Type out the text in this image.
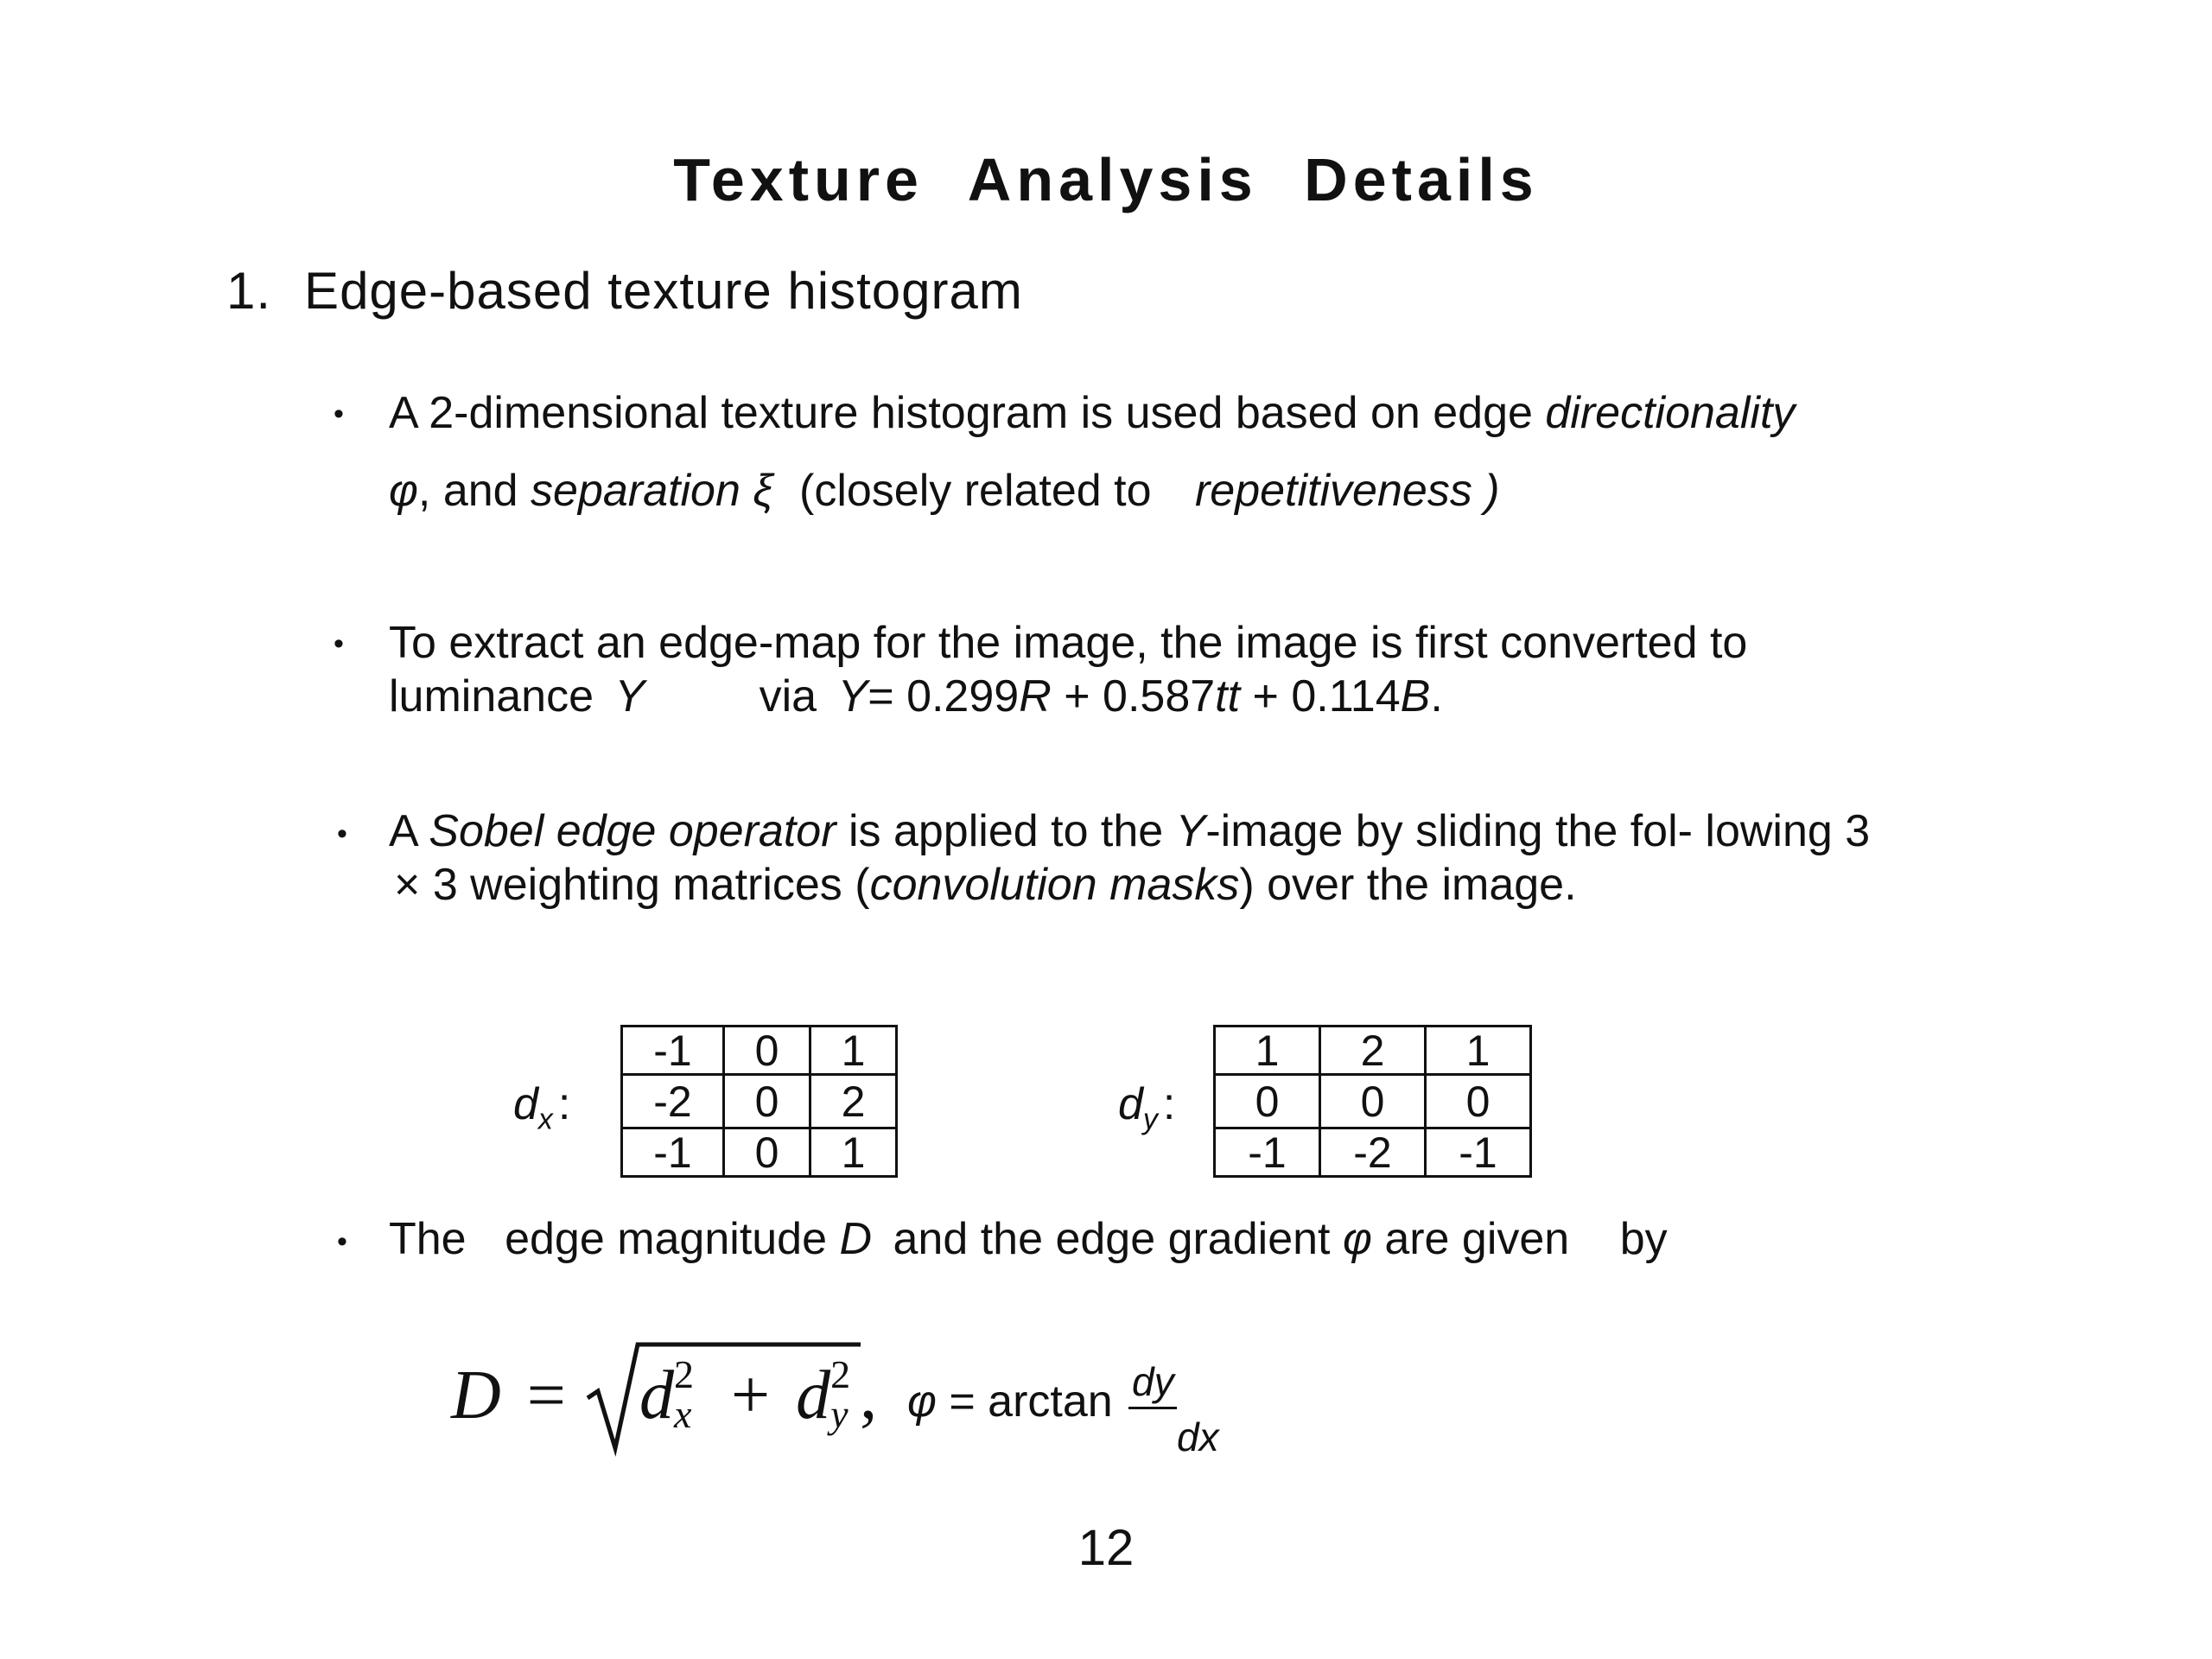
Texture Analysis Details
1. Edge-based texture histogram
• A 2-dimensional texture histogram is used based on edge directionality
φ, and separation ξ (closely related to repetitiveness )
• To extract an edge-map for the image, the image is first converted to
luminance Y	via Y= 0.299R + 0.587tt + 0.114B.
• A Sobel edge operator is applied to the Y-image by sliding the fol- lowing 3
× 3 weighting matrices (convolution masks) over the image.
$d_x$ :
-1	0	1
-2	0	2
-1	0	1
$d_y$ :
1	2	1
0	0	0
-1	-2	-1
• The edge magnitude D and the edge gradient φ are given by
D = d 2
x + d 2
y , φ = arctan dy
dx
12
